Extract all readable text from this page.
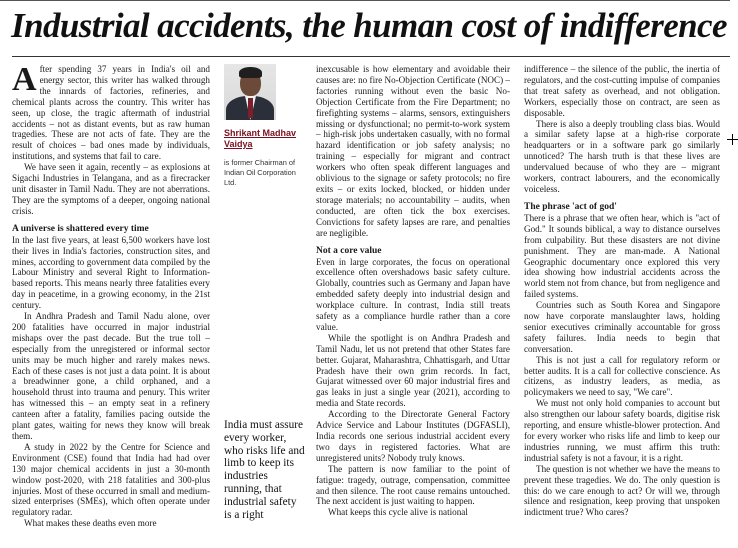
Industrial accidents, the human cost of indifference

After spending 37 years in India's oil and energy sector, this writer has walked through the innards of factories, refineries, and chemical plants across the country. This writer has seen, up close, the tragic aftermath of industrial accidents – not as distant events, but as raw human tragedies. These are not acts of fate. They are the result of choices – bad ones made by individuals, institutions, and systems that fail to care.

We have seen it again, recently – as explosions at Sigachi Industries in Telangana, and as a firecracker unit disaster in Tamil Nadu. They are not aberrations. They are the symptoms of a deeper, ongoing national crisis.

A universe is shattered every time

In the last five years, at least 6,500 workers have lost their lives in India's factories, construction sites, and mines, according to government data compiled by the Labour Ministry and several Right to Information-based reports. This means nearly three fatalities every day in peacetime, in a growing economy, in the 21st century.

In Andhra Pradesh and Tamil Nadu alone, over 200 fatalities have occurred in major industrial mishaps over the past decade. But the true toll – especially from the unregistered or informal sector units may be much higher and rarely makes news. Each of these cases is not just a data point. It is about a breadwinner gone, a child orphaned, and a household thrust into trauma and penury. This writer has witnessed this – an empty seat in a refinery canteen after a fatality, families pacing outside the plant gates, waiting for news they know will break them.

A study in 2022 by the Centre for Science and Environment (CSE) found that India had had over 130 major chemical accidents in just a 30-month window post-2020, with 218 fatalities and 300-plus injuries. Most of these occurred in small and medium-sized enterprises (SMEs), which often operate under regulatory radar.

What makes these deaths even more

Shrikant Madhav Vaidya

is former Chairman of Indian Oil Corporation Ltd.

India must assure every worker, who risks life and limb to keep its industries running, that industrial safety is a right

inexcusable is how elementary and avoidable their causes are: no fire No-Objection Certificate (NOC) – factories running without even the basic No-Objection Certificate from the Fire Department; no firefighting systems – alarms, sensors, extinguishers missing or dysfunctional; no permit-to-work system – high-risk jobs undertaken casually, with no formal hazard identification or job safety analysis; no training – especially for migrant and contract workers who often speak different languages and oblivious to the signage or safety protocols; no fire exits – or exits locked, blocked, or hidden under storage materials; no accountability – audits, when conducted, are often tick the box exercises. Convictions for safety lapses are rare, and penalties are negligible.

Not a core value

Even in large corporates, the focus on operational excellence often overshadows basic safety culture. Globally, countries such as Germany and Japan have embedded safety deeply into industrial design and workplace culture. In contrast, India still treats safety as a compliance hurdle rather than a core value.

While the spotlight is on Andhra Pradesh and Tamil Nadu, let us not pretend that other States fare better. Gujarat, Maharashtra, Chhattisgarh, and Uttar Pradesh have their own grim records. In fact, Gujarat witnessed over 60 major industrial fires and gas leaks in just a single year (2021), according to media and State records.

According to the Directorate General Factory Advice Service and Labour Institutes (DGFASLI), India records one serious industrial accident every two days in registered factories. What are unregistered units? Nobody truly knows.

The pattern is now familiar to the point of fatigue: tragedy, outrage, compensation, committee and then silence. The root cause remains untouched. The next accident is just waiting to happen.

What keeps this cycle alive is national

indifference – the silence of the public, the inertia of regulators, and the cost-cutting impulse of companies that treat safety as overhead, and not obligation. Workers, especially those on contract, are seen as disposable.

There is also a deeply troubling class bias. Would a similar safety lapse at a high-rise corporate headquarters or in a software park go similarly unnoticed? The harsh truth is that these lives are undervalued because of who they are – migrant workers, contract labourers, and the economically voiceless.

The phrase 'act of god'

There is a phrase that we often hear, which is "act of God." It sounds biblical, a way to distance ourselves from culpability. But these disasters are not divine punishment. They are man-made. A National Geographic documentary once explored this very idea showing how industrial accidents across the world stem not from chance, but from negligence and failed systems.

Countries such as South Korea and Singapore now have corporate manslaughter laws, holding senior executives criminally accountable for gross safety failures. India needs to begin that conversation.

This is not just a call for regulatory reform or better audits. It is a call for collective conscience. As citizens, as industry leaders, as media, as policymakers we need to say, "We care".

We must not only hold companies to account but also strengthen our labour safety boards, digitise risk reporting, and ensure whistle-blower protection. And for every worker who risks life and limb to keep our industries running, we must affirm this truth: industrial safety is not a favour, it is a right.

The question is not whether we have the means to prevent these tragedies. We do. The only question is this: do we care enough to act? Or will we, through silence and resignation, keep proving that unspoken indictment true? Who cares?
